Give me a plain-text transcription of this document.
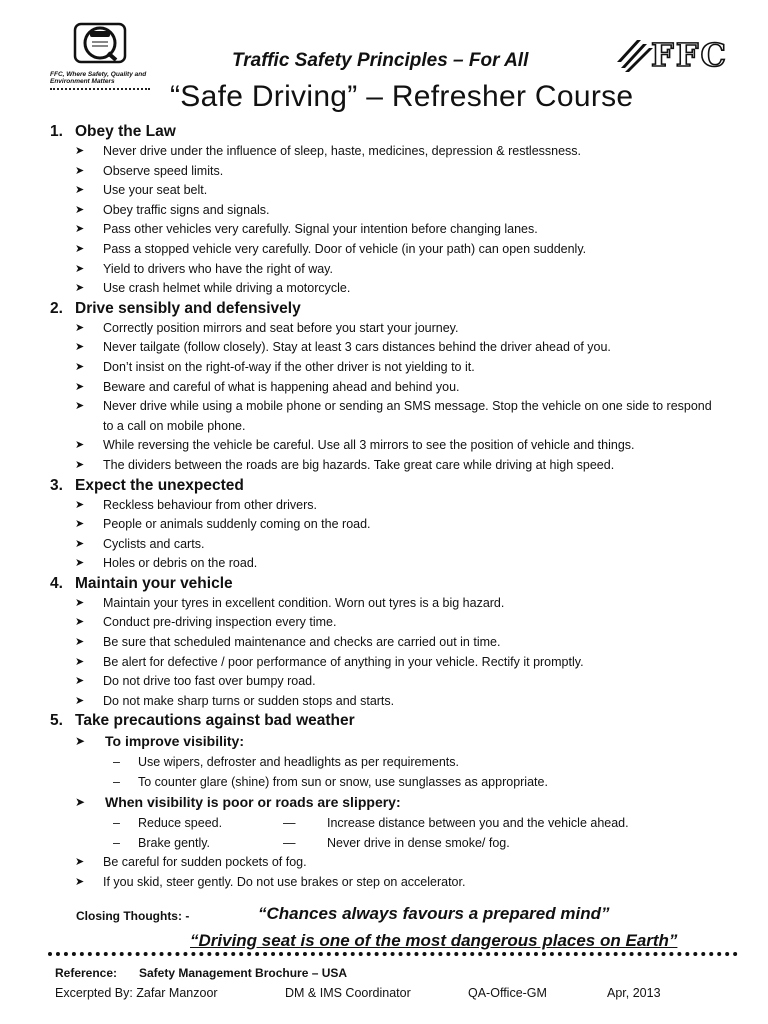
FFC, Where Safety, Quality and Environment Matters
Traffic Safety Principles – For All
“Safe Driving” – Refresher Course
FFC
1. Obey the Law
➤ Never drive under the influence of sleep, haste, medicines, depression & restlessness.
➤ Observe speed limits.
➤ Use your seat belt.
➤ Obey traffic signs and signals.
➤ Pass other vehicles very carefully. Signal your intention before changing lanes.
➤ Pass a stopped vehicle very carefully. Door of vehicle (in your path) can open suddenly.
➤ Yield to drivers who have the right of way.
➤ Use crash helmet while driving a motorcycle.
2. Drive sensibly and defensively
➤ Correctly position mirrors and seat before you start your journey.
➤ Never tailgate (follow closely). Stay at least 3 cars distances behind the driver ahead of you.
➤ Don’t insist on the right-of-way if the other driver is not yielding to it.
➤ Beware and careful of what is happening ahead and behind you.
➤ Never drive while using a mobile phone or sending an SMS message. Stop the vehicle on one side to respond to a call on mobile phone.
➤ While reversing the vehicle be careful. Use all 3 mirrors to see the position of vehicle and things.
➤ The dividers between the roads are big hazards. Take great care while driving at high speed.
3. Expect the unexpected
➤ Reckless behaviour from other drivers.
➤ People or animals suddenly coming on the road.
➤ Cyclists and carts.
➤ Holes or debris on the road.
4. Maintain your vehicle
➤ Maintain your tyres in excellent condition. Worn out tyres is a big hazard.
➤ Conduct pre-driving inspection every time.
➤ Be sure that scheduled maintenance and checks are carried out in time.
➤ Be alert for defective / poor performance of anything in your vehicle. Rectify it promptly.
➤ Do not drive too fast over bumpy road.
➤ Do not make sharp turns or sudden stops and starts.
5. Take precautions against bad weather
➤ To improve visibility:
– Use wipers, defroster and headlights as per requirements.
– To counter glare (shine) from sun or snow, use sunglasses as appropriate.
➤ When visibility is poor or roads are slippery:
– Reduce speed.	—	Increase distance between you and the vehicle ahead.
– Brake gently.	—	Never drive in dense smoke/ fog.
➤ Be careful for sudden pockets of fog.
➤ If you skid, steer gently. Do not use brakes or step on accelerator.
Closing Thoughts: -	“Chances always favours a prepared mind”
“Driving seat is one of the most dangerous places on Earth”
Reference: Safety Management Brochure – USA
Excerpted By: Zafar Manzoor	DM & IMS Coordinator	QA-Office-GM	Apr, 2013
